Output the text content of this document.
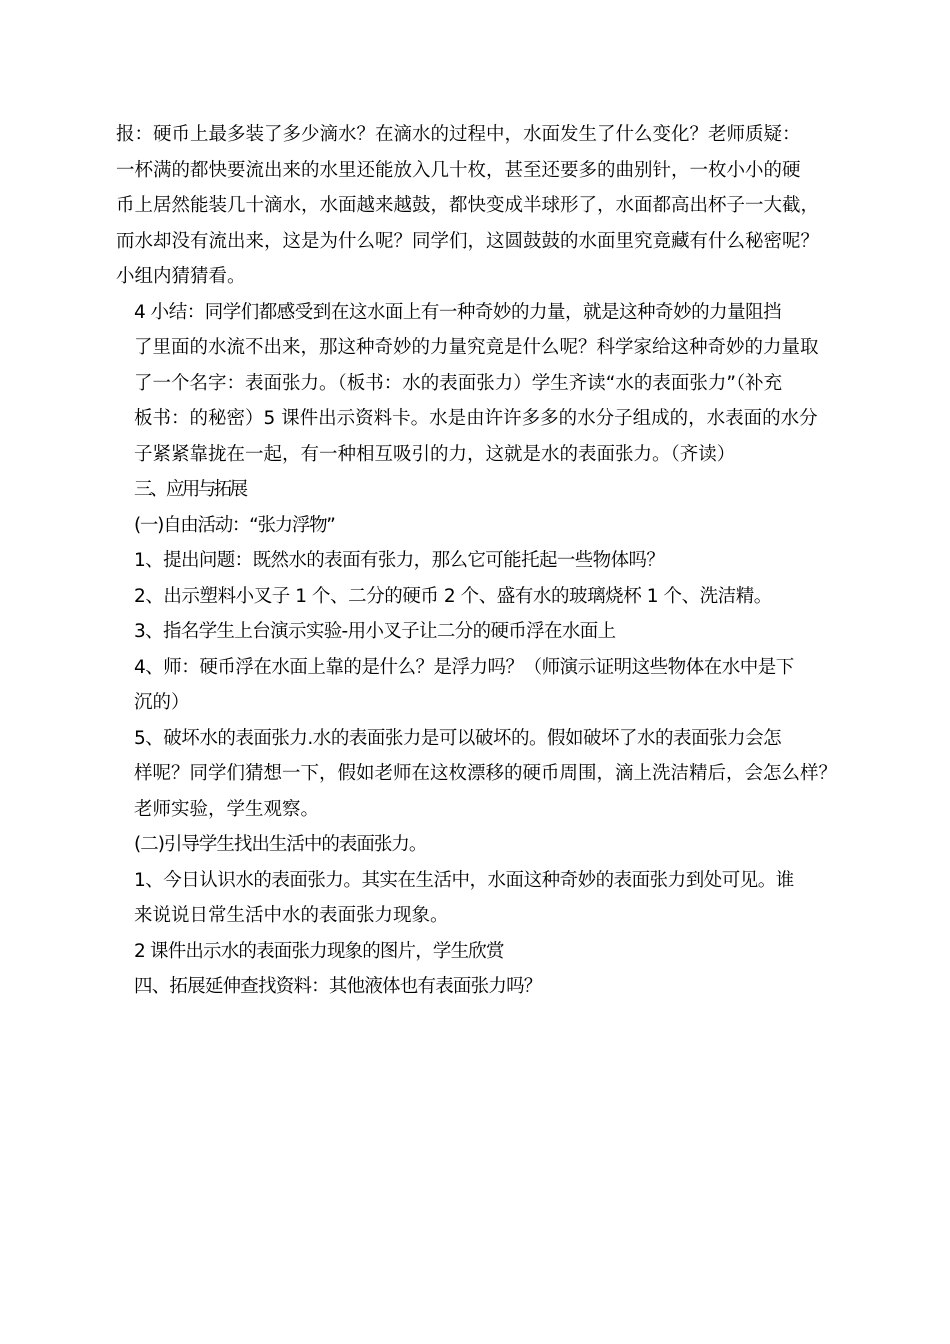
报：硬币上最多装了多少滴水？在滴水的过程中，水面发生了什么变化？老师质疑：
一杯满的都快要流出来的水里还能放入几十枚，甚至还要多的曲别针，一枚小小的硬
币上居然能装几十滴水，水面越来越鼓，都快变成半球形了，水面都高出杯子一大截，
而水却没有流出来，这是为什么呢？同学们，这圆鼓鼓的水面里究竟藏有什么秘密呢？
小组内猜猜看。

4 小结：同学们都感受到在这水面上有一种奇妙的力量，就是这种奇妙的力量阻挡
了里面的水流不出来，那这种奇妙的力量究竟是什么呢？科学家给这种奇妙的力量取
了一个名字：表面张力。（板书：水的表面张力）学生齐读“水的表面张力”（补充
板书：的秘密）5 课件出示资料卡。水是由许许多多的水分子组成的，水表面的水分
子紧紧靠拢在一起，有一种相互吸引的力，这就是水的表面张力。（齐读）

三、应用与拓展

(一)自由活动：“张力浮物”

1、提出问题：既然水的表面有张力，那么它可能托起一些物体吗？

2、出示塑料小叉子 1 个、二分的硬币 2 个、盛有水的玻璃烧杯 1 个、洗洁精。

3、指名学生上台演示实验-用小叉子让二分的硬币浮在水面上

4、师：硬币浮在水面上靠的是什么？是浮力吗？（师演示证明这些物体在水中是下
沉的）

5、破坏水的表面张力.水的表面张力是可以破坏的。假如破坏了水的表面张力会怎
样呢？同学们猜想一下，假如老师在这枚漂移的硬币周围，滴上洗洁精后，会怎么样？
老师实验，学生观察。

(二)引导学生找出生活中的表面张力。

1、今日认识水的表面张力。其实在生活中，水面这种奇妙的表面张力到处可见。谁
来说说日常生活中水的表面张力现象。

2 课件出示水的表面张力现象的图片，学生欣赏

四、拓展延伸查找资料：其他液体也有表面张力吗？
